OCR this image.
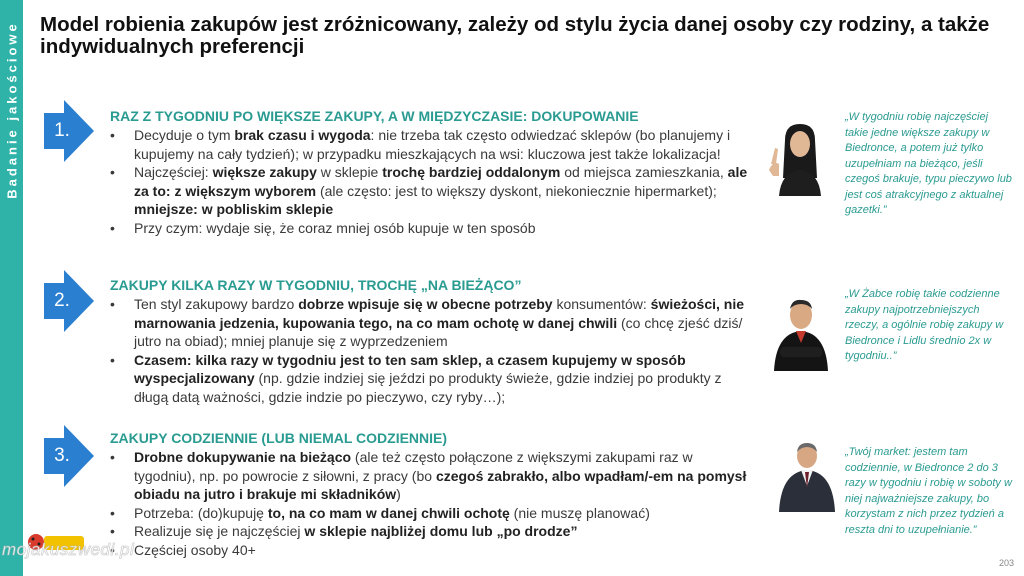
Badanie jakościowe Model robienia zakupów jest zróżnicowany, zależy od stylu życia danej osoby czy rodziny, a także indywidualnych preferencji
1.
RAZ Z TYGODNIU PO WIĘKSZE ZAKUPY, A W MIĘDZYCZASIE: DOKUPOWANIE
• Decyduje o tym brak czasu i wygoda: nie trzeba tak często odwiedzać sklepów (bo planujemy i kupujemy na cały tydzień); w przypadku mieszkających na wsi: kluczowa jest także lokalizacja!
• Najczęściej: większe zakupy w sklepie trochę bardziej oddalonym od miejsca zamieszkania, ale za to: z większym wyborem (ale często: jest to większy dyskont, niekoniecznie hipermarket); mniejsze: w pobliskim sklepie
• Przy czym: wydaje się, że coraz mniej osób kupuje w ten sposób
2.
ZAKUPY KILKA RAZY W TYGODNIU, TROCHĘ „NA BIEŻĄCO”
• Ten styl zakupowy bardzo dobrze wpisuje się w obecne potrzeby konsumentów: świeżości, nie marnowania jedzenia, kupowania tego, na co mam ochotę w danej chwili (co chcę zjeść dziś/ jutro na obiad); mniej planuje się z wyprzedzeniem
• Czasem: kilka razy w tygodniu jest to ten sam sklep, a czasem kupujemy w sposób wyspecjalizowany (np. gdzie indziej się jeździ po produkty świeże, gdzie indziej po produkty z długą datą ważności, gdzie indzie po pieczywo, czy ryby…);
3.
ZAKUPY CODZIENNIE (LUB NIEMAL CODZIENNIE)
• Drobne dokupywanie na bieżąco (ale też często połączone z większymi zakupami raz w tygodniu), np. po powrocie z siłowni, z pracy (bo czegoś zabrakło, albo wpadłam/-em na pomysł obiadu na jutro i brakuje mi składników)
• Potrzeba: (do)kupuję to, na co mam w danej chwili ochotę (nie muszę planować)
• Realizuje się je najczęściej w sklepie najbliżej domu lub „po drodze”
• Częściej osoby 40+

„W tygodniu robię najczęściej takie jedne większe zakupy w Biedronce, a potem już tylko uzupełniam na bieżąco, jeśli czegoś brakuje, typu pieczywo lub jest coś atrakcyjnego z aktualnej gazetki.”

„W Żabce robię takie codzienne zakupy najpotrzebniejszych rzeczy, a ogólnie robię zakupy w Biedronce i Lidlu średnio 2x w tygodniu..”

„Twój market: jestem tam codziennie, w Biedronce 2 do 3 razy w tygodniu i robię w soboty w niej najważniejsze zakupy, bo korzystam z nich przez tydzień a reszta dni to uzupełnianie.”

mojakuszwedi.pl
203
